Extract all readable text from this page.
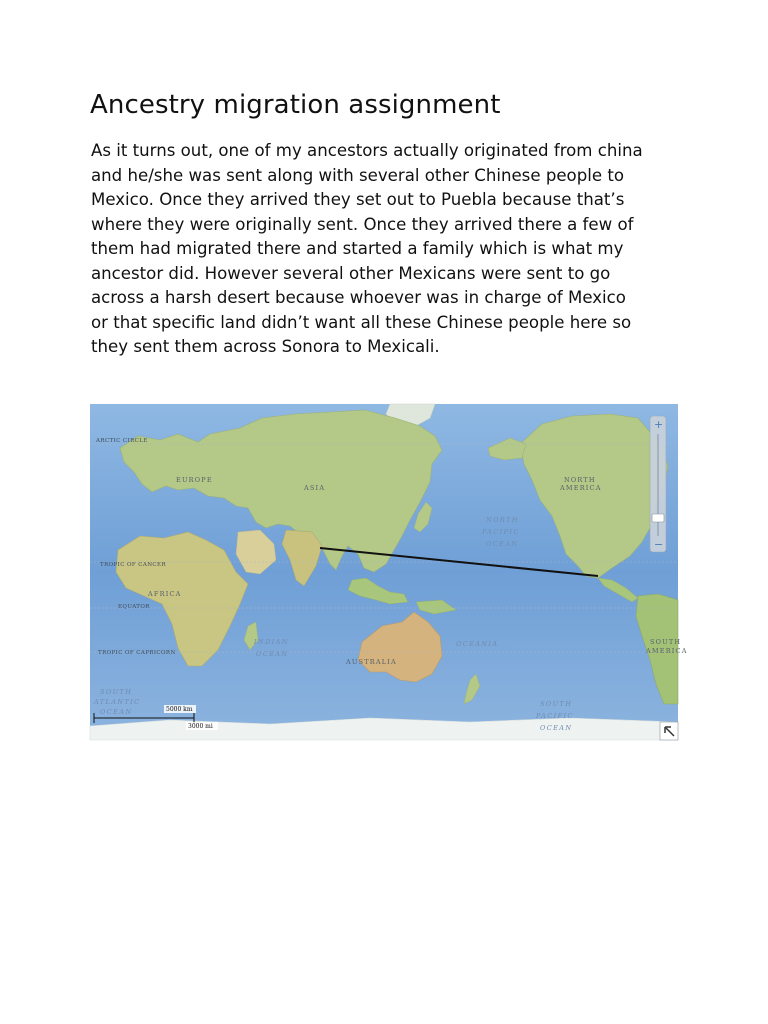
Ancestry migration assignment

As it turns out, one of my ancestors actually originated from china
and he/she was sent along with several other Chinese people to
Mexico. Once they arrived they set out to Puebla because that’s
where they were originally sent. Once they arrived there a few of
them had migrated there and started a family which is what my
ancestor did. However several other Mexicans were sent to go
across a harsh desert because whoever was in charge of Mexico
or that specific land didn’t want all these Chinese people here so
they sent them across Sonora to Mexicali.

ARCTIC CIRCLE
EUROPE
ASIA
NORTH
AMERICA
NORTH
PACIFIC
OCEAN
TROPIC OF CANCER
AFRICA
EQUATOR
INDIAN
OCEAN
OCEANIA	SOUTH
AMERICA
TROPIC OF CAPRICORN
AUSTRALIA
SOUTH
ATLANTIC
OCEAN
SOUTH
PACIFIC
OCEAN
5000 km
3000 mi
+
−
